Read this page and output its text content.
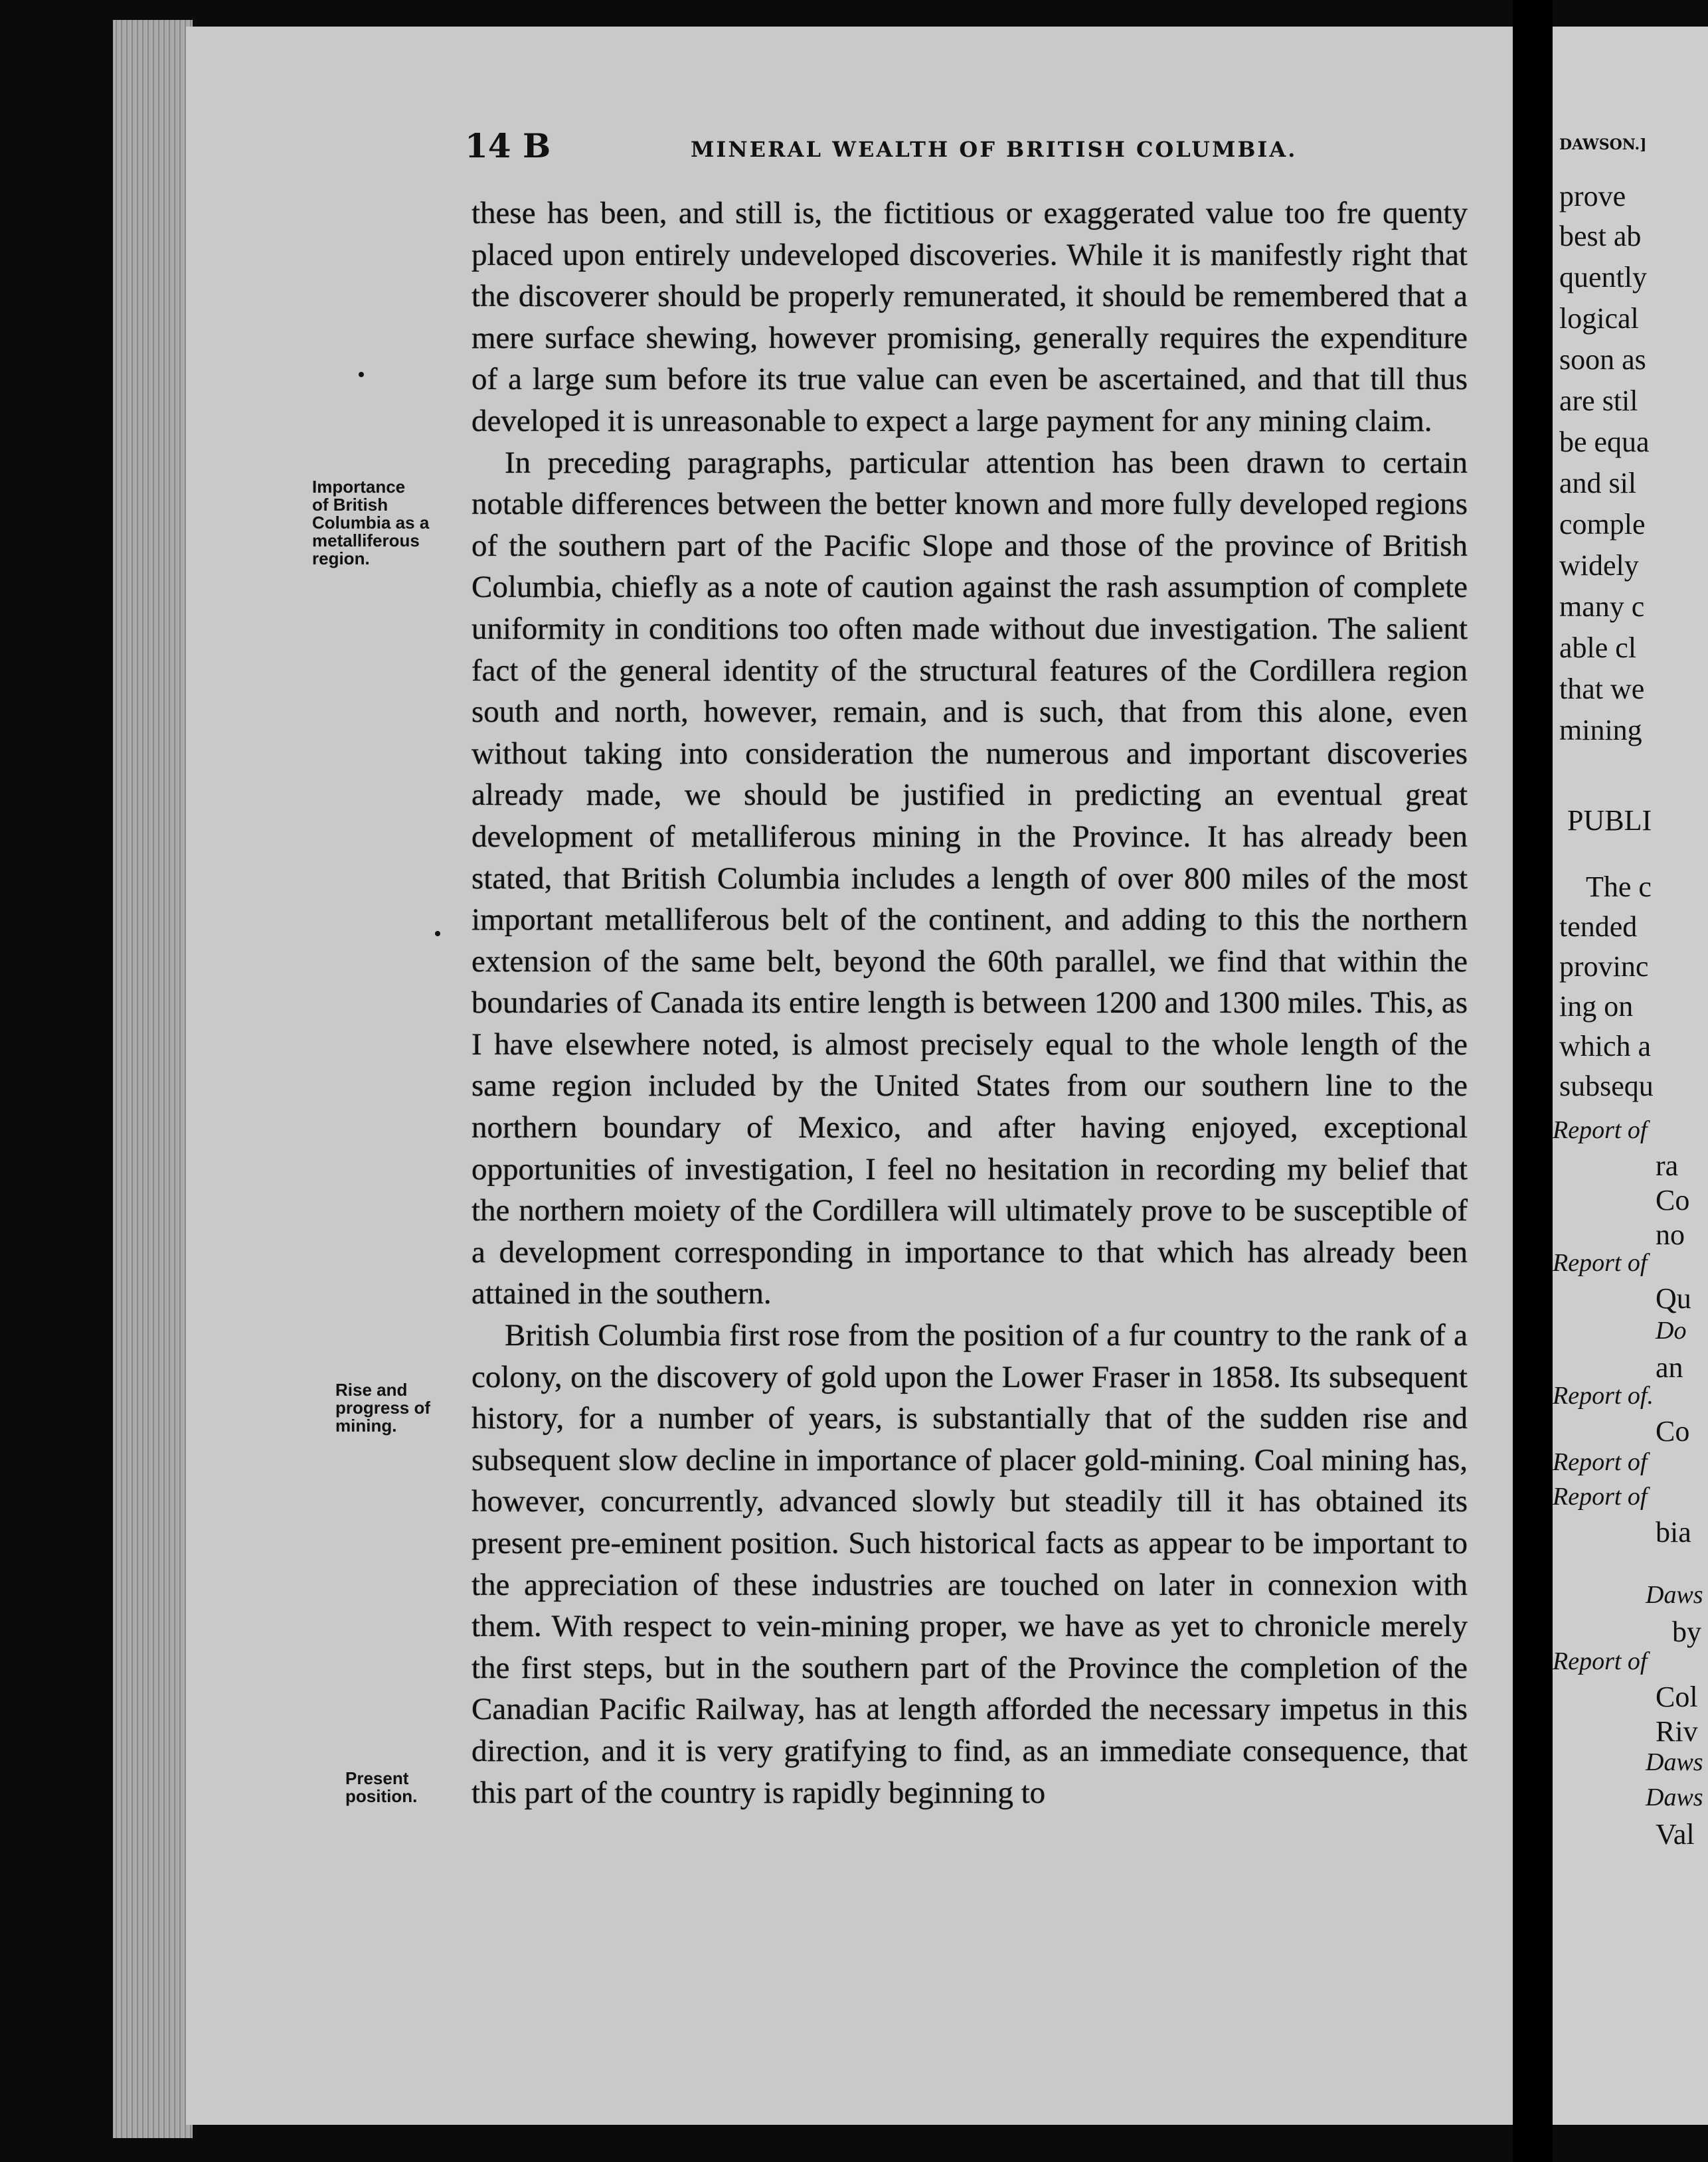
14 B	MINERAL WEALTH OF BRITISH COLUMBIA.
Importance
of British
Columbia as a
metalliferous
region.
Rise and
progress of
mining.
Present
position.

these has been, and still is, the fictitious or exaggerated value too fre quenty placed upon entirely undeveloped discoveries. While it is manifestly right that the discoverer should be properly remunerated, it should be remembered that a mere surface shewing, however promising, generally requires the expenditure of a large sum before its true value can even be ascertained, and that till thus developed it is unreasonable to expect a large payment for any mining claim.

In preceding paragraphs, particular attention has been drawn to certain notable differences between the better known and more fully developed regions of the southern part of the Pacific Slope and those of the province of British Columbia, chiefly as a note of caution against the rash assumption of complete uniformity in conditions too often made without due investigation. The salient fact of the general identity of the structural features of the Cordillera region south and north, however, remain, and is such, that from this alone, even without taking into consideration the numerous and important discoveries already made, we should be justified in predicting an eventual great development of metalliferous mining in the Province. It has already been stated, that British Columbia includes a length of over 800 miles of the most important metalliferous belt of the continent, and adding to this the northern extension of the same belt, beyond the 60th parallel, we find that within the boundaries of Canada its entire length is between 1200 and 1300 miles. This, as I have elsewhere noted, is almost precisely equal to the whole length of the same region included by the United States from our southern line to the northern boundary of Mexico, and after having enjoyed, exceptional opportunities of investigation, I feel no hesitation in recording my belief that the northern moiety of the Cordillera will ultimately prove to be susceptible of a development corresponding in importance to that which has already been attained in the southern.

British Columbia first rose from the position of a fur country to the rank of a colony, on the discovery of gold upon the Lower Fraser in 1858. Its subsequent history, for a number of years, is substantially that of the sudden rise and subsequent slow decline in importance of placer gold-mining. Coal mining has, however, concurrently, advanced slowly but steadily till it has obtained its present pre-eminent position. Such historical facts as appear to be important to the appreciation of these industries are touched on later in connexion with them. With respect to vein-mining proper, we have as yet to chronicle merely the first steps, but in the southern part of the Province the completion of the Canadian Pacific Railway, has at length afforded the necessary impetus in this direction, and it is very gratifying to find, as an immediate consequence, that this part of the country is rapidly beginning to

DAWSON.]
prove
best ab
quently
logical
soon as
are stil
be equa
and sil
comple
widely
many c
able cl
that we
mining
PUBLI
The c
tended
provinc
ing on
which a
subsequ
Report of
ra
Co
no
Report of
Qu
Do
an
Report of.
Co
Report of
Report of
bia
Daws
by
Report of
Col
Riv
Daws
Daws
Val
